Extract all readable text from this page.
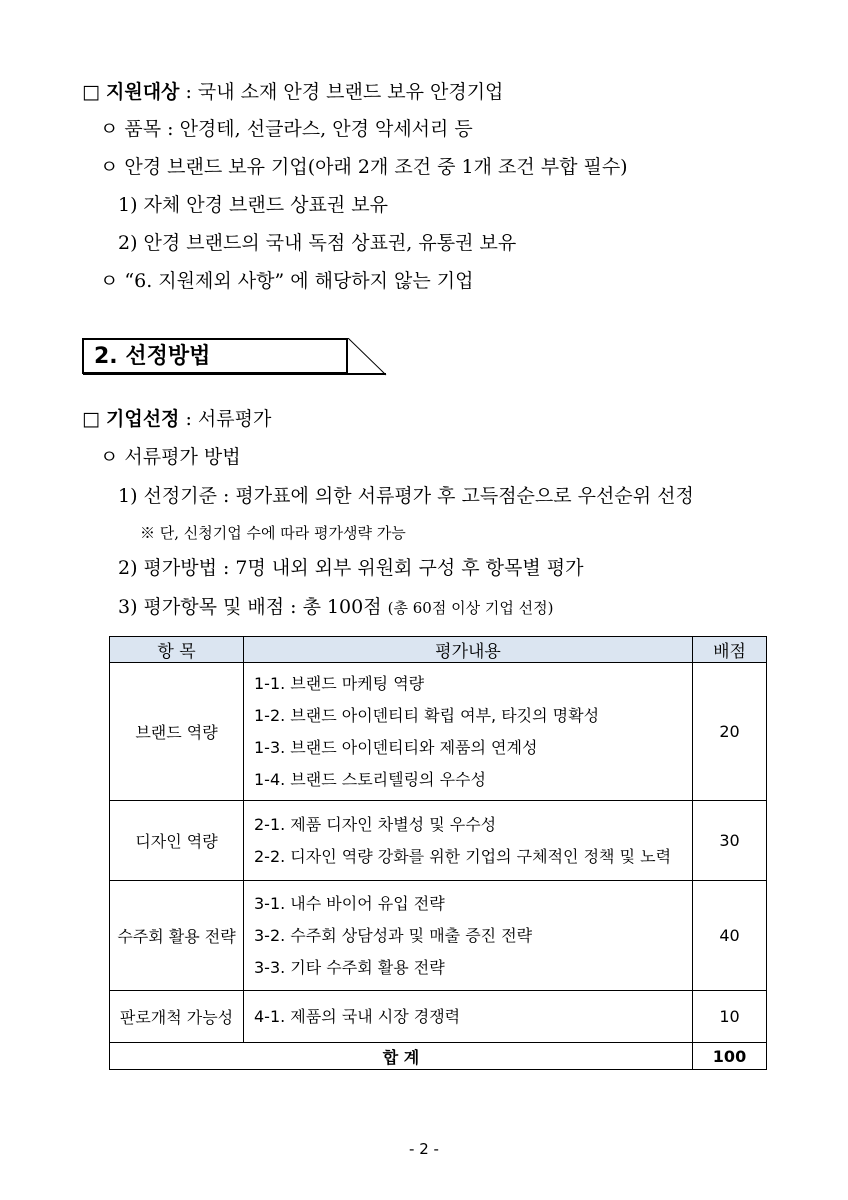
□ 지원대상 : 국내 소재 안경 브랜드 보유 안경기업
ㅇ 품목 : 안경테, 선글라스, 안경 악세서리 등
ㅇ 안경 브랜드 보유 기업(아래 2개 조건 중 1개 조건 부합 필수)
1) 자체 안경 브랜드 상표권 보유
2) 안경 브랜드의 국내 독점 상표권, 유통권 보유
ㅇ “6. 지원제외 사항” 에 해당하지 않는 기업
2. 선정방법
□ 기업선정 : 서류평가
ㅇ 서류평가 방법
1) 선정기준 : 평가표에 의한 서류평가 후 고득점순으로 우선순위 선정
※ 단, 신청기업 수에 따라 평가생략 가능
2) 평가방법 : 7명 내외 외부 위원회 구성 후 항목별 평가
3) 평가항목 및 배점 : 총 100점 (총 60점 이상 기업 선정)
항 목	평가내용	배점
브랜드 역량	1-1. 브랜드 마케팅 역량
1-2. 브랜드 아이덴티티 확립 여부, 타깃의 명확성
1-3. 브랜드 아이덴티티와 제품의 연계성
1-4. 브랜드 스토리텔링의 우수성	20
디자인 역량	2-1. 제품 디자인 차별성 및 우수성
2-2. 디자인 역량 강화를 위한 기업의 구체적인 정책 및 노력	30
수주회 활용 전략	3-1. 내수 바이어 유입 전략
3-2. 수주회 상담성과 및 매출 증진 전략
3-3. 기타 수주회 활용 전략	40
판로개척 가능성	4-1. 제품의 국내 시장 경쟁력	10
합 계		100
- 2 -
